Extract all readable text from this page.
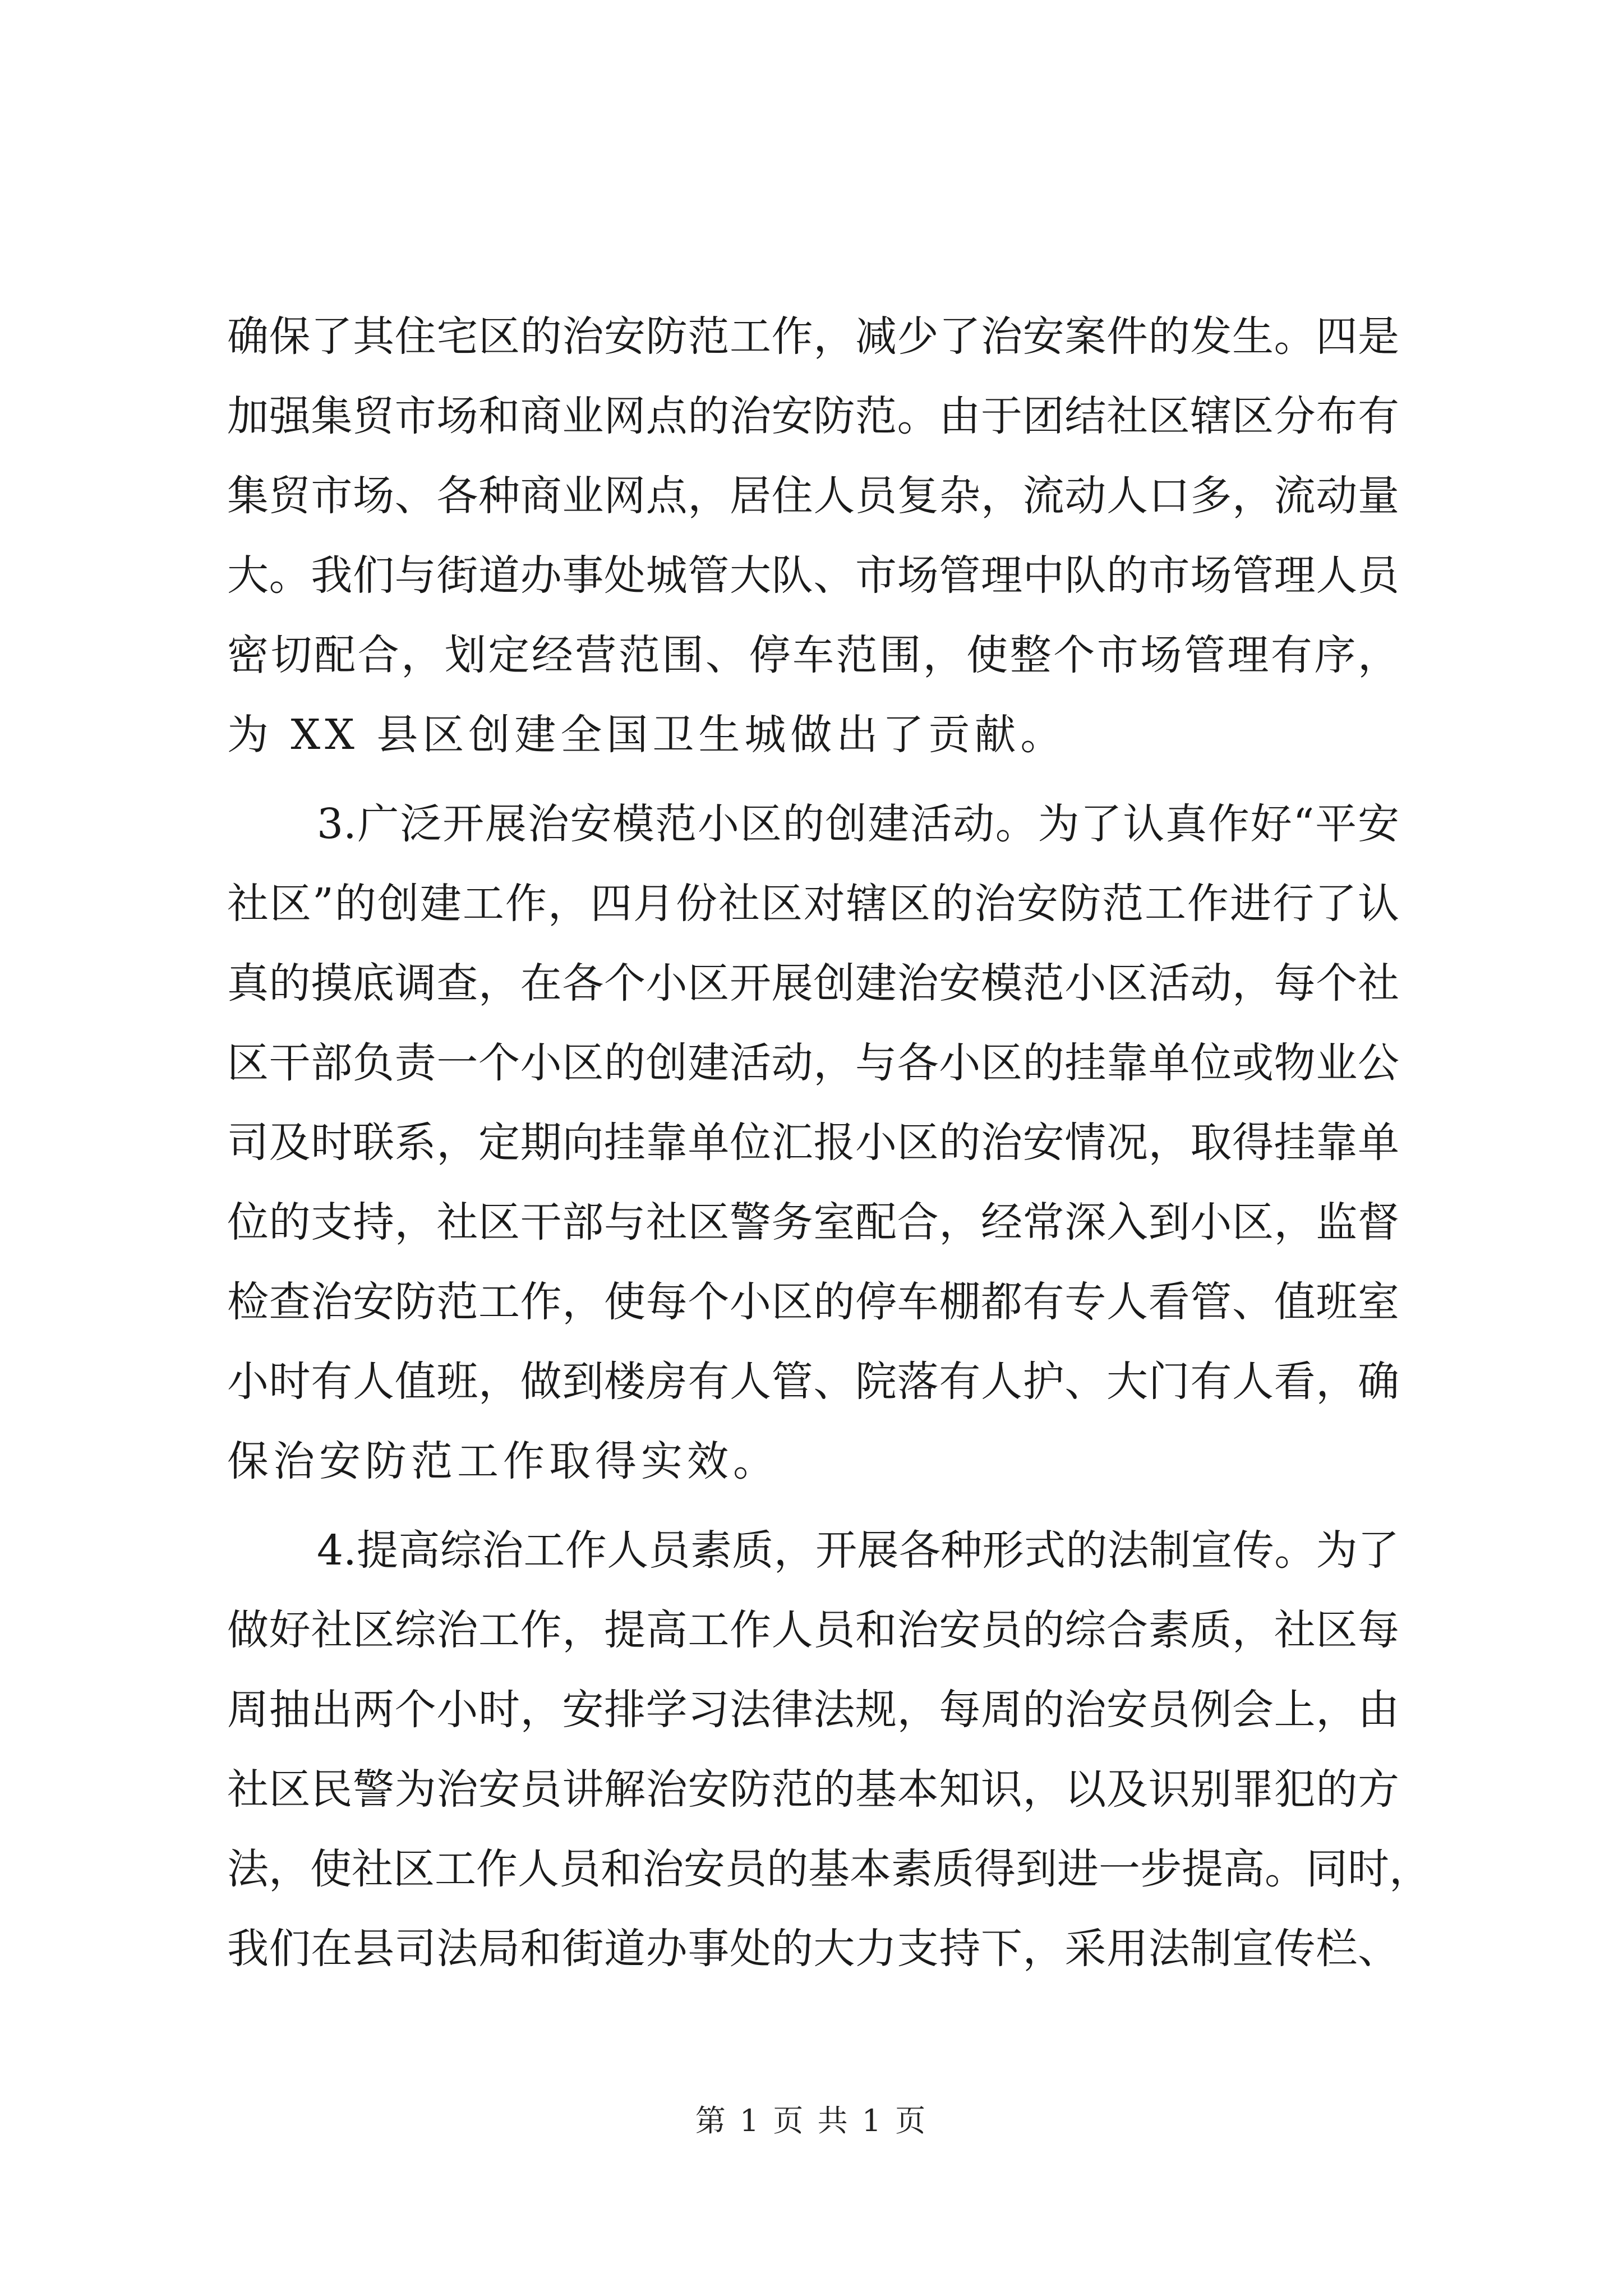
确保了其住宅区的治安防范工作，减少了治安案件的发生。四是
加强集贸市场和商业网点的治安防范。由于团结社区辖区分布有
集贸市场、各种商业网点，居住人员复杂，流动人口多，流动量
大。我们与街道办事处城管大队、市场管理中队的市场管理人员
密切配合，划定经营范围、停车范围，使整个市场管理有序，
为 XX 县区创建全国卫生城做出了贡献。
3.广泛开展治安模范小区的创建活动。为了认真作好“平安
社区”的创建工作，四月份社区对辖区的治安防范工作进行了认
真的摸底调查，在各个小区开展创建治安模范小区活动，每个社
区干部负责一个小区的创建活动，与各小区的挂靠单位或物业公
司及时联系，定期向挂靠单位汇报小区的治安情况，取得挂靠单
位的支持，社区干部与社区警务室配合，经常深入到小区，监督
检查治安防范工作，使每个小区的停车棚都有专人看管、值班室
小时有人值班，做到楼房有人管、院落有人护、大门有人看，确
保治安防范工作取得实效。
4.提高综治工作人员素质，开展各种形式的法制宣传。为了
做好社区综治工作，提高工作人员和治安员的综合素质，社区每
周抽出两个小时，安排学习法律法规，每周的治安员例会上，由
社区民警为治安员讲解治安防范的基本知识，以及识别罪犯的方
法，使社区工作人员和治安员的基本素质得到进一步提高。同时，
我们在县司法局和街道办事处的大力支持下，采用法制宣传栏、
第 1 页 共 1 页
